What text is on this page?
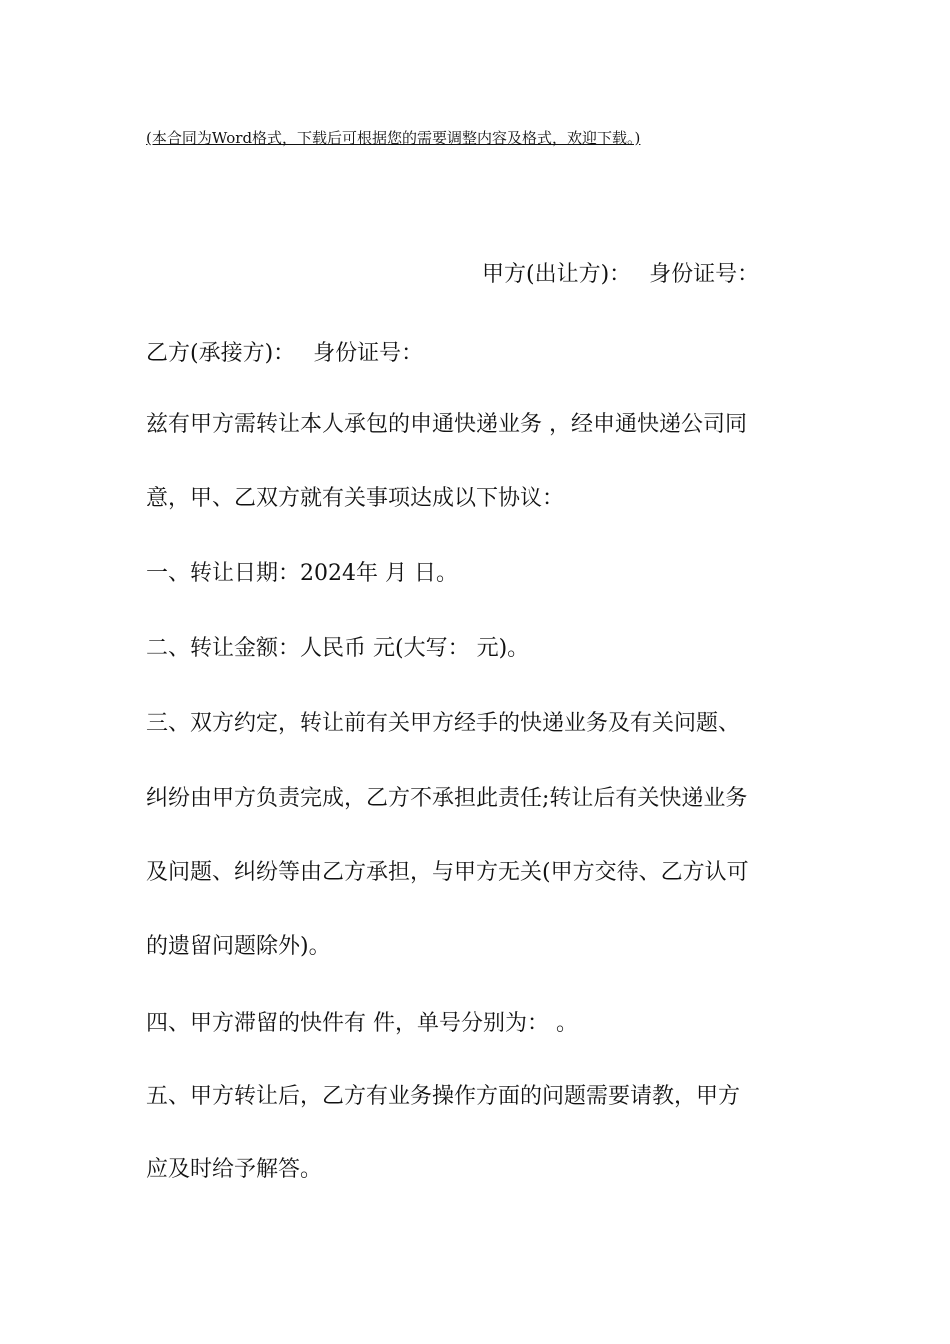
(本合同为Word格式，下载后可根据您的需要调整内容及格式，欢迎下载。)
甲方(出让方)： 身份证号：
乙方(承接方)： 身份证号：
兹有甲方需转让本人承包的申通快递业务 ，经申通快递公司同
意，甲、乙双方就有关事项达成以下协议：
一、转让日期：2024年 月 日。
二、转让金额：人民币 元(大写： 元)。
三、双方约定，转让前有关甲方经手的快递业务及有关问题、
纠纷由甲方负责完成，乙方不承担此责任;转让后有关快递业务
及问题、纠纷等由乙方承担，与甲方无关(甲方交待、乙方认可
的遗留问题除外)。
四、甲方滞留的快件有 件，单号分别为： 。
五、甲方转让后，乙方有业务操作方面的问题需要请教，甲方
应及时给予解答。
